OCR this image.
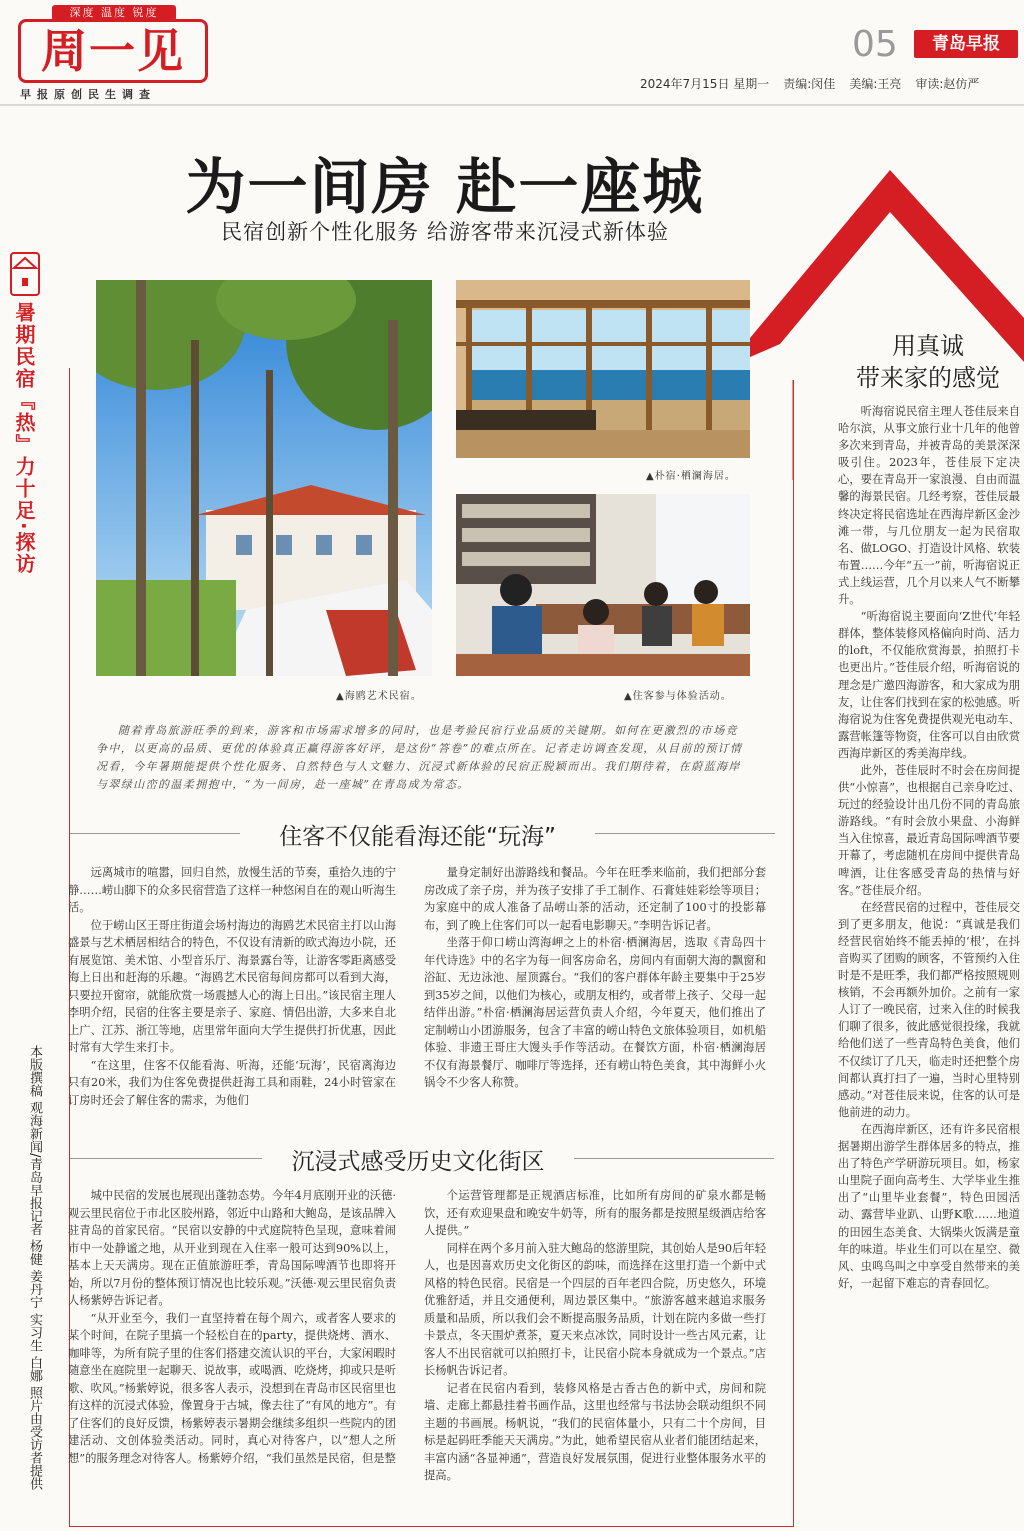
深度 温度 锐度
周一见
早报原创民生调查
05	青岛早报
2024年7月15日 星期一 责编:闵佳 美编:王亮 审读:赵仿严
为一间房 赴一座城
民宿创新个性化服务 给游客带来沉浸式新体验
暑期民宿『热』力十足·探访
本版撰稿 观海新闻/青岛早报记者 杨健 姜丹宁 实习生 白娜 照片由受访者提供
▲海鸥艺术民宿。
▲朴宿·栖澜海居。
▲住客参与体验活动。
随着青岛旅游旺季的到来，游客和市场需求增多的同时，也是考验民宿行业品质的关键期。如何在更激烈的市场竞争中，以更高的品质、更优的体验真正赢得游客好评，是这份“答卷”的难点所在。记者走访调查发现，从目前的预订情况看，今年暑期能提供个性化服务、自然特色与人文魅力、沉浸式新体验的民宿正脱颖而出。我们期待着，在蔚蓝海岸与翠绿山峦的温柔拥抱中，“为一间房，赴一座城”在青岛成为常态。
住客不仅能看海还能“玩海”

远离城市的喧嚣，回归自然，放慢生活的节奏，重拾久违的宁静……崂山脚下的众多民宿营造了这样一种悠闲自在的观山听海生活。

位于崂山区王哥庄街道会场村海边的海鸥艺术民宿主打以山海盛景与艺术栖居相结合的特色，不仅设有清新的欧式海边小院，还有展览馆、美术馆、小型音乐厅、海景露台等，让游客零距离感受海上日出和赶海的乐趣。“海鸥艺术民宿每间房都可以看到大海，只要拉开窗帘，就能欣赏一场震撼人心的海上日出。”该民宿主理人李明介绍，民宿的住客主要是亲子、家庭、情侣出游，大多来自北上广、江苏、浙江等地，店里常年面向大学生提供打折优惠，因此时常有大学生来打卡。

“在这里，住客不仅能看海、听海，还能‘玩海’，民宿离海边只有20米，我们为住客免费提供赶海工具和雨鞋，24小时管家在订房时还会了解住客的需求，为他们

量身定制好出游路线和餐品。今年在旺季来临前，我们把部分套房改成了亲子房，并为孩子安排了手工制作、石膏娃娃彩绘等项目；为家庭中的成人准备了品崂山茶的活动，还定制了100寸的投影幕布，到了晚上住客们可以一起看电影聊天。”李明告诉记者。

坐落于仰口崂山湾海岬之上的朴宿·栖澜海居，选取《青岛四十年代诗选》中的名字为每一间客房命名，房间内有面朝大海的飘窗和浴缸、无边泳池、屋顶露台。“我们的客户群体年龄主要集中于25岁到35岁之间，以他们为核心，或朋友相约，或者带上孩子、父母一起结伴出游。”朴宿·栖澜海居运营负责人介绍，今年夏天，他们推出了定制崂山小团游服务，包含了丰富的崂山特色文旅体验项目，如机船体验、非遗王哥庄大馒头手作等活动。在餐饮方面，朴宿·栖澜海居不仅有海景餐厅、咖啡厅等选择，还有崂山特色美食，其中海鲜小火锅令不少客人称赞。

沉浸式感受历史文化街区

城中民宿的发展也展现出蓬勃态势。今年4月底刚开业的沃德·观云里民宿位于市北区胶州路，邻近中山路和大鲍岛，是该品牌入驻青岛的首家民宿。“民宿以安静的中式庭院特色呈现，意味着闹市中一处静谧之地，从开业到现在入住率一般可达到90%以上，基本上天天满房。现在正值旅游旺季，青岛国际啤酒节也即将开始，所以7月份的整体预订情况也比较乐观。”沃德·观云里民宿负责人杨紫婷告诉记者。

“从开业至今，我们一直坚持着在每个周六，或者客人要求的某个时间，在院子里搞一个轻松自在的party，提供烧烤、酒水、咖啡等，为所有院子里的住客们搭建交流认识的平台，大家闲暇时随意坐在庭院里一起聊天、说故事，或喝酒、吃烧烤，抑或只是听歌、吹风。”杨紫婷说，很多客人表示，没想到在青岛市区民宿里也有这样的沉浸式体验，像置身于古城，像去往了“有风的地方”。有了住客们的良好反馈，杨紫婷表示暑期会继续多组织一些院内的团建活动、文创体验类活动。同时，真心对待客户，以“想人之所想”的服务理念对待客人。杨紫婷介绍，“我们虽然是民宿，但是整

个运营管理都是正规酒店标准，比如所有房间的矿泉水都是畅饮，还有欢迎果盘和晚安牛奶等，所有的服务都是按照星级酒店给客人提供。”

同样在两个多月前入驻大鲍岛的悠游里院，其创始人是90后年轻人，也是因喜欢历史文化街区的韵味，而选择在这里打造一个新中式风格的特色民宿。民宿是一个四层的百年老四合院，历史悠久，环境优雅舒适，并且交通便利，周边景区集中。“旅游客越来越追求服务质量和品质，所以我们会不断提高服务品质，计划在院内多做一些打卡景点，冬天围炉煮茶，夏天来点冰饮，同时设计一些古风元素，让客人不出民宿就可以拍照打卡，让民宿小院本身就成为一个景点。”店长杨帆告诉记者。

记者在民宿内看到，装修风格是古香古色的新中式，房间和院墙、走廊上都悬挂着书画作品，这里也经常与书法协会联动组织不同主题的书画展。杨帆说，“我们的民宿体量小，只有二十个房间，目标是起码旺季能天天满房。”为此，她希望民宿从业者们能团结起来，丰富内涵“各显神通”，营造良好发展氛围，促进行业整体服务水平的提高。

用真诚
带来家的感觉

听海宿说民宿主理人苍佳辰来自哈尔滨，从事文旅行业十几年的他曾多次来到青岛，并被青岛的美景深深吸引住。2023年，苍佳辰下定决心，要在青岛开一家浪漫、自由而温馨的海景民宿。几经考察，苍佳辰最终决定将民宿选址在西海岸新区金沙滩一带，与几位朋友一起为民宿取名、做LOGO、打造设计风格、软装布置……今年“五一”前，听海宿说正式上线运营，几个月以来人气不断攀升。

“听海宿说主要面向‘Z世代’年轻群体，整体装修风格偏向时尚、活力的loft，不仅能欣赏海景，拍照打卡也更出片。”苍佳辰介绍，听海宿说的理念是广邀四海游客，和大家成为朋友，让住客们找到在家的松弛感。听海宿说为住客免费提供观光电动车、露营帐篷等物资，住客可以自由欣赏西海岸新区的秀美海岸线。

此外，苍佳辰时不时会在房间提供“小惊喜”，也根据自己亲身吃过、玩过的经验设计出几份不同的青岛旅游路线。“有时会放小果盘、小海鲜当入住惊喜，最近青岛国际啤酒节要开幕了，考虑随机在房间中提供青岛啤酒，让住客感受青岛的热情与好客。”苍佳辰介绍。

在经营民宿的过程中，苍佳辰交到了更多朋友，他说：“真诚是我们经营民宿始终不能丢掉的‘根’，在抖音购买了团购的顾客，不管预约入住时是不是旺季，我们都严格按照规则核销，不会再额外加价。之前有一家人订了一晚民宿，过来入住的时候我们聊了很多，彼此感觉很投缘，我就给他们送了一些青岛特色美食，他们不仅续订了几天，临走时还把整个房间都认真打扫了一遍，当时心里特别感动。”对苍佳辰来说，住客的认可是他前进的动力。

在西海岸新区，还有许多民宿根据暑期出游学生群体居多的特点，推出了特色产学研游玩项目。如，杨家山里院子面向高考生、大学毕业生推出了“山里毕业套餐”，特色田园活动、露营毕业趴、山野K歌……地道的田园生态美食、大锅柴火饭满是童年的味道。毕业生们可以在星空、微风、虫鸣鸟叫之中享受自然带来的美好，一起留下难忘的青春回忆。
